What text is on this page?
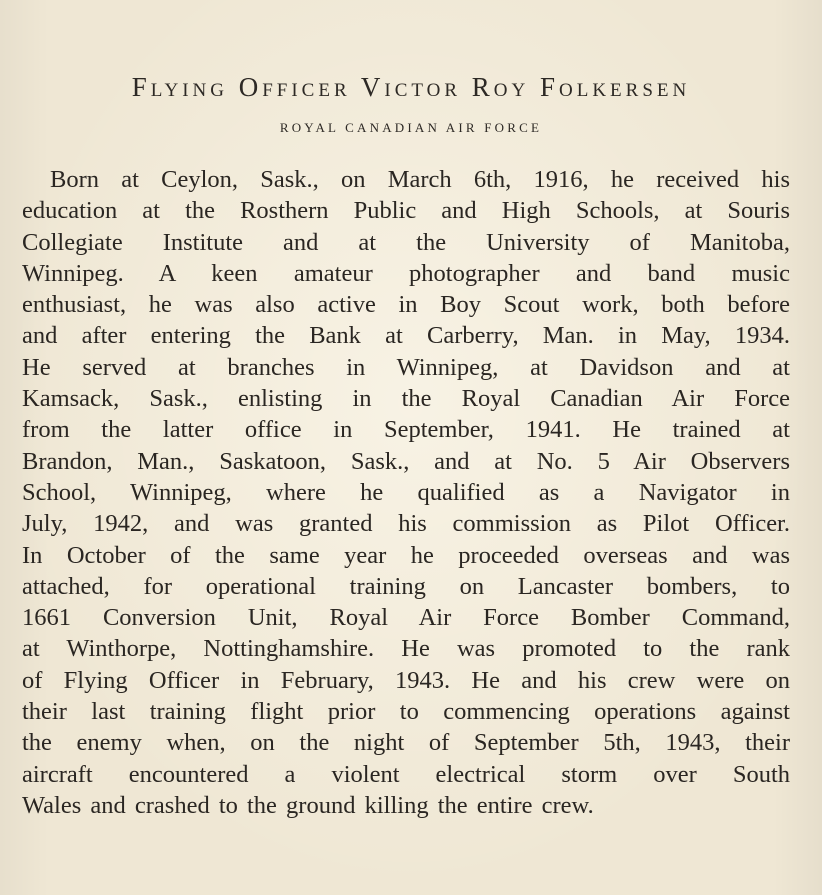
Flying Officer Victor Roy Folkersen
ROYAL CANADIAN AIR FORCE
Born at Ceylon, Sask., on March 6th, 1916, he received his
education at the Rosthern Public and High Schools, at Souris
Collegiate Institute and at the University of Manitoba,
Winnipeg. A keen amateur photographer and band music
enthusiast, he was also active in Boy Scout work, both before
and after entering the Bank at Carberry, Man. in May, 1934.
He served at branches in Winnipeg, at Davidson and at
Kamsack, Sask., enlisting in the Royal Canadian Air Force
from the latter office in September, 1941. He trained at
Brandon, Man., Saskatoon, Sask., and at No. 5 Air Observers
School, Winnipeg, where he qualified as a Navigator in
July, 1942, and was granted his commission as Pilot Officer.
In October of the same year he proceeded overseas and was
attached, for operational training on Lancaster bombers, to
1661 Conversion Unit, Royal Air Force Bomber Command,
at Winthorpe, Nottinghamshire. He was promoted to the rank
of Flying Officer in February, 1943. He and his crew were on
their last training flight prior to commencing operations against
the enemy when, on the night of September 5th, 1943, their
aircraft encountered a violent electrical storm over South
Wales and crashed to the ground killing the entire crew.
